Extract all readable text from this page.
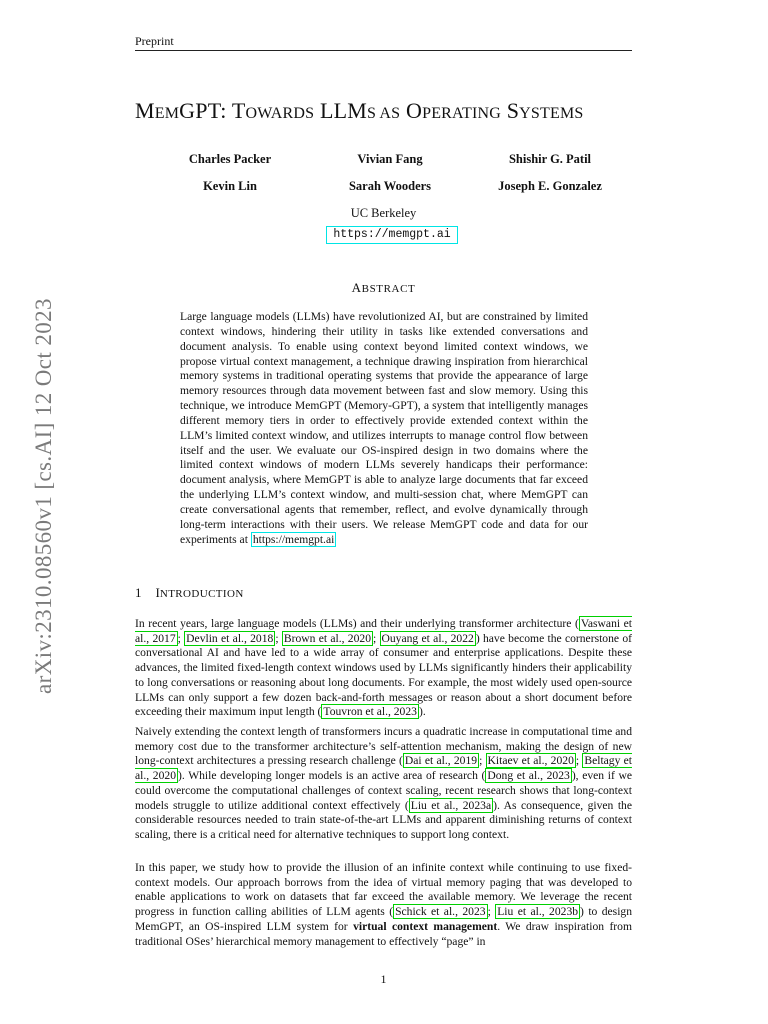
Preprint
arXiv:2310.08560v1 [cs.AI] 12 Oct 2023
MEMGPT: TOWARDS LLMS AS OPERATING SYSTEMS
Charles Packer	Vivian Fang	Shishir G. Patil
Kevin Lin	Sarah Wooders	Joseph E. Gonzalez
UC Berkeley
https://memgpt.ai
ABSTRACT
Large language models (LLMs) have revolutionized AI, but are constrained by limited context windows, hindering their utility in tasks like extended conversations and document analysis. To enable using context beyond limited context windows, we propose virtual context management, a technique drawing inspiration from hierarchical memory systems in traditional operating systems that provide the appearance of large memory resources through data movement between fast and slow memory. Using this technique, we introduce MemGPT (Memory-GPT), a system that intelligently manages different memory tiers in order to effectively provide extended context within the LLM’s limited context window, and utilizes interrupts to manage control flow between itself and the user. We evaluate our OS-inspired design in two domains where the limited context windows of modern LLMs severely handicaps their performance: document analysis, where MemGPT is able to analyze large documents that far exceed the underlying LLM’s context window, and multi-session chat, where MemGPT can create conversational agents that remember, reflect, and evolve dynamically through long-term interactions with their users. We release MemGPT code and data for our experiments at https://memgpt.ai
1 INTRODUCTION
In recent years, large language models (LLMs) and their underlying transformer architecture ( Vaswani et al., 2017 ; Devlin et al., 2018 ; Brown et al., 2020 ; Ouyang et al., 2022 ) have become the cornerstone of conversational AI and have led to a wide array of consumer and enterprise applications. Despite these advances, the limited fixed-length context windows used by LLMs significantly hinders their applicability to long conversations or reasoning about long documents. For example, the most widely used open-source LLMs can only support a few dozen back-and-forth messages or reason about a short document before exceeding their maximum input length ( Touvron et al., 2023 ).
Naively extending the context length of transformers incurs a quadratic increase in computational time and memory cost due to the transformer architecture’s self-attention mechanism, making the design of new long-context architectures a pressing research challenge ( Dai et al., 2019 ; Kitaev et al., 2020 ; Beltagy et al., 2020 ). While developing longer models is an active area of research ( Dong et al., 2023 ), even if we could overcome the computational challenges of context scaling, recent research shows that long-context models struggle to utilize additional context effectively ( Liu et al., 2023a ). As consequence, given the considerable resources needed to train state-of-the-art LLMs and apparent diminishing returns of context scaling, there is a critical need for alternative techniques to support long context.
In this paper, we study how to provide the illusion of an infinite context while continuing to use fixed-context models. Our approach borrows from the idea of virtual memory paging that was developed to enable applications to work on datasets that far exceed the available memory. We leverage the recent progress in function calling abilities of LLM agents ( Schick et al., 2023 ; Liu et al., 2023b ) to design MemGPT, an OS-inspired LLM system for virtual context management. We draw inspiration from traditional OSes’ hierarchical memory management to effectively “page” in
1
